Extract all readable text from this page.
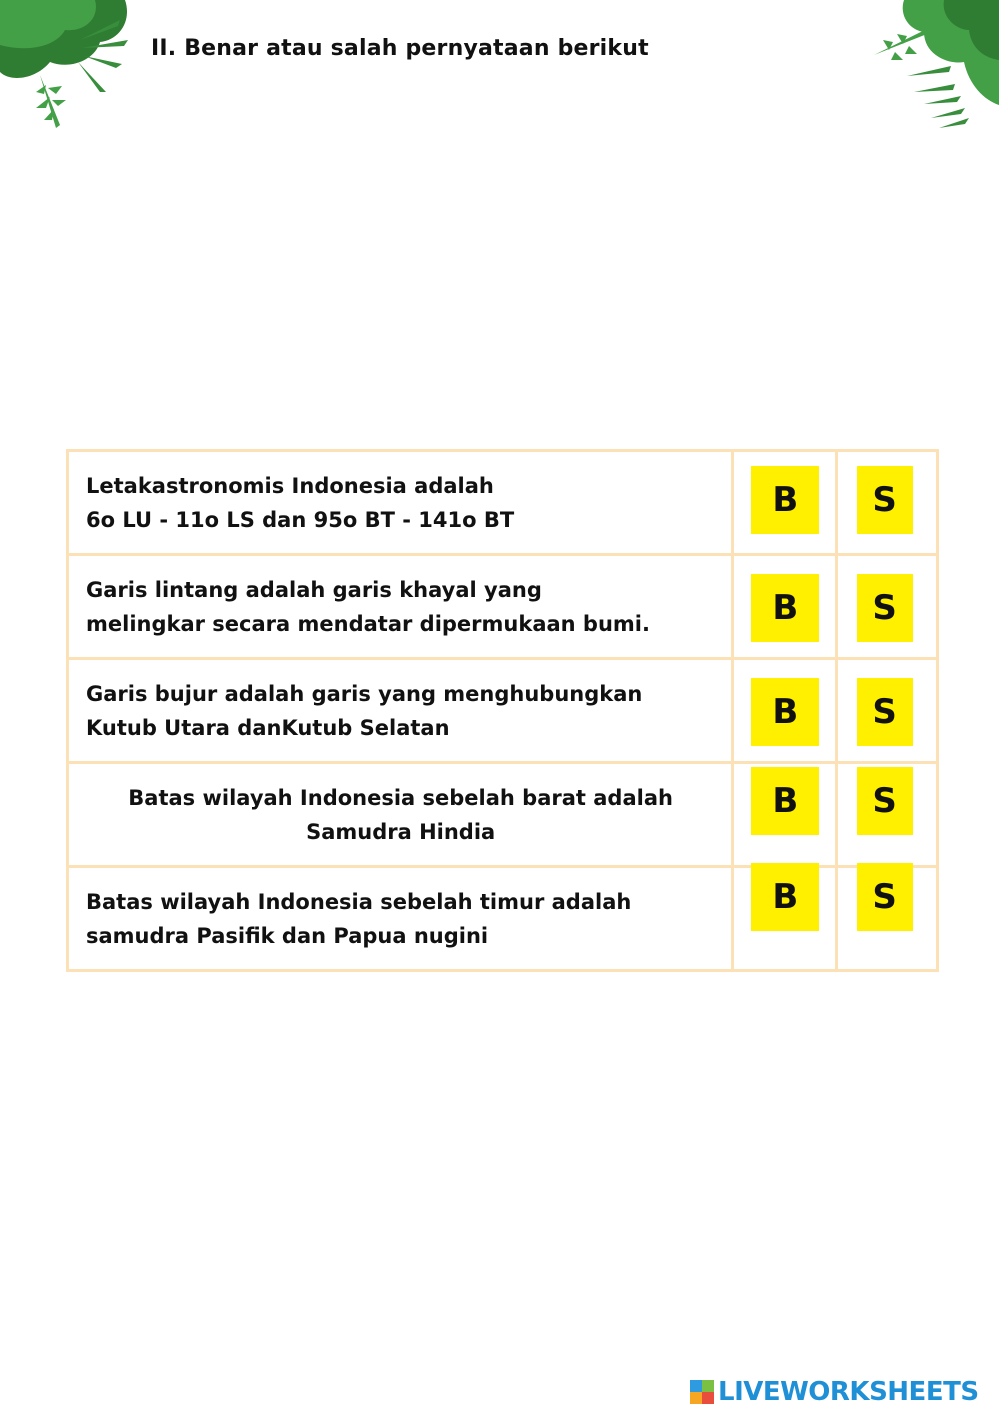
II. Benar atau salah pernyataan berikut
Letakastronomis Indonesia adalah
6o LU - 11o LS dan 95o BT - 141o BT	B	S

Garis lintang adalah garis khayal yang
melingkar secara mendatar dipermukaan bumi.	B	S

Garis bujur adalah garis yang menghubungkan
Kutub Utara danKutub Selatan	B	S

Batas wilayah Indonesia sebelah barat adalah
Samudra Hindia	B	S

Batas wilayah Indonesia sebelah timur adalah
samudra Pasifik dan Papua nugini	B	S
LIVEWORKSHEETS
